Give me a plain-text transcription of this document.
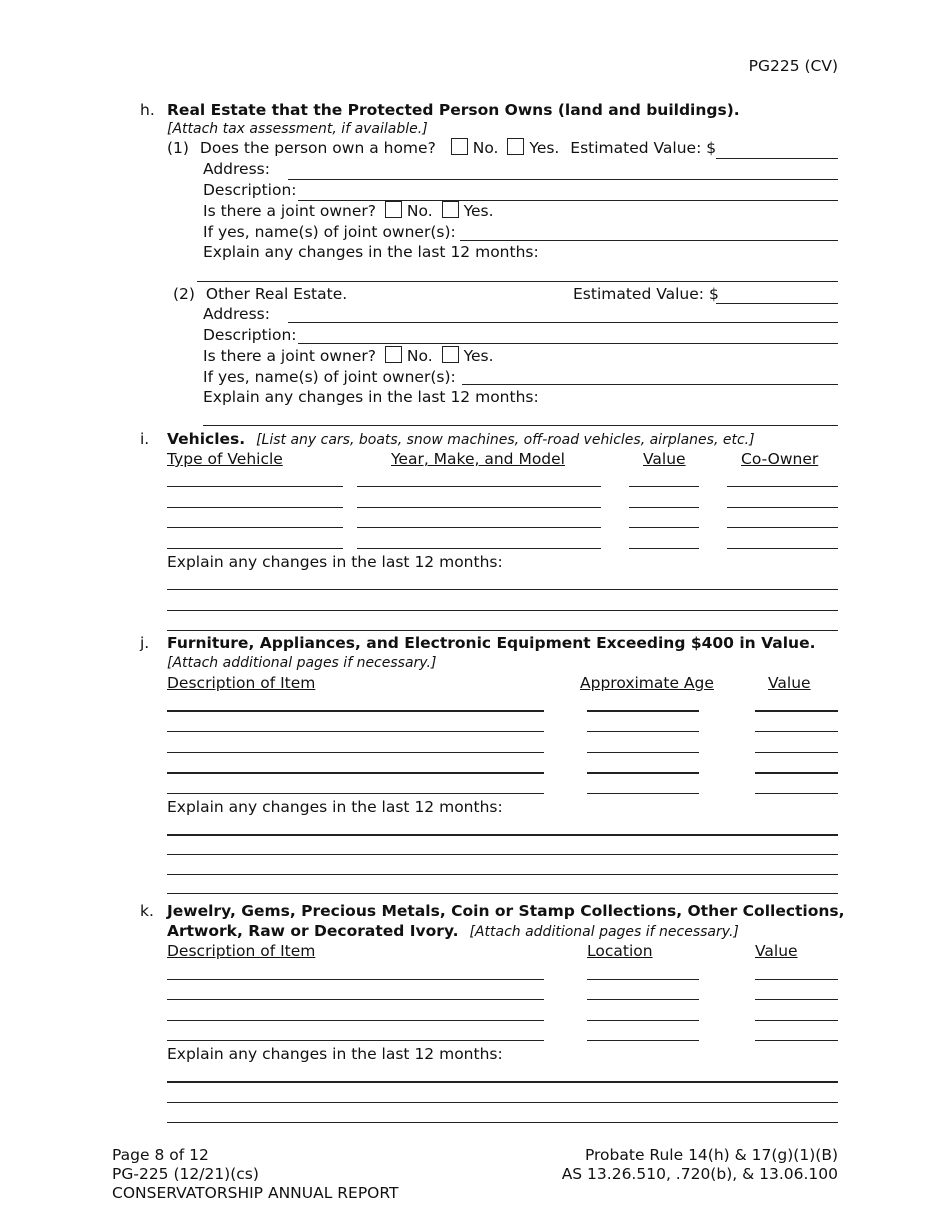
PG225 (CV)
h. Real Estate that the Protected Person Owns (land and buildings).
[Attach tax assessment, if available.]
(1) Does the person own a home? No. Yes. Estimated Value: $
Address:
Description:
Is there a joint owner? No. Yes.
If yes, name(s) of joint owner(s):
Explain any changes in the last 12 months:
(2) Other Real Estate.	Estimated Value: $
Address:
Description:
Is there a joint owner? No. Yes.
If yes, name(s) of joint owner(s):
Explain any changes in the last 12 months:
i. Vehicles. [List any cars, boats, snow machines, off-road vehicles, airplanes, etc.]
Type of Vehicle	Year, Make, and Model	Value	Co-Owner
Explain any changes in the last 12 months:
j. Furniture, Appliances, and Electronic Equipment Exceeding $400 in Value.
[Attach additional pages if necessary.]
Description of Item	Approximate Age	Value
Explain any changes in the last 12 months:
k. Jewelry, Gems, Precious Metals, Coin or Stamp Collections, Other Collections,
Artwork, Raw or Decorated Ivory. [Attach additional pages if necessary.]
Description of Item	Location	Value
Explain any changes in the last 12 months:
Page 8 of 12
PG-225 (12/21)(cs)
CONSERVATORSHIP ANNUAL REPORT
Probate Rule 14(h) & 17(g)(1)(B)
AS 13.26.510, .720(b), & 13.06.100
